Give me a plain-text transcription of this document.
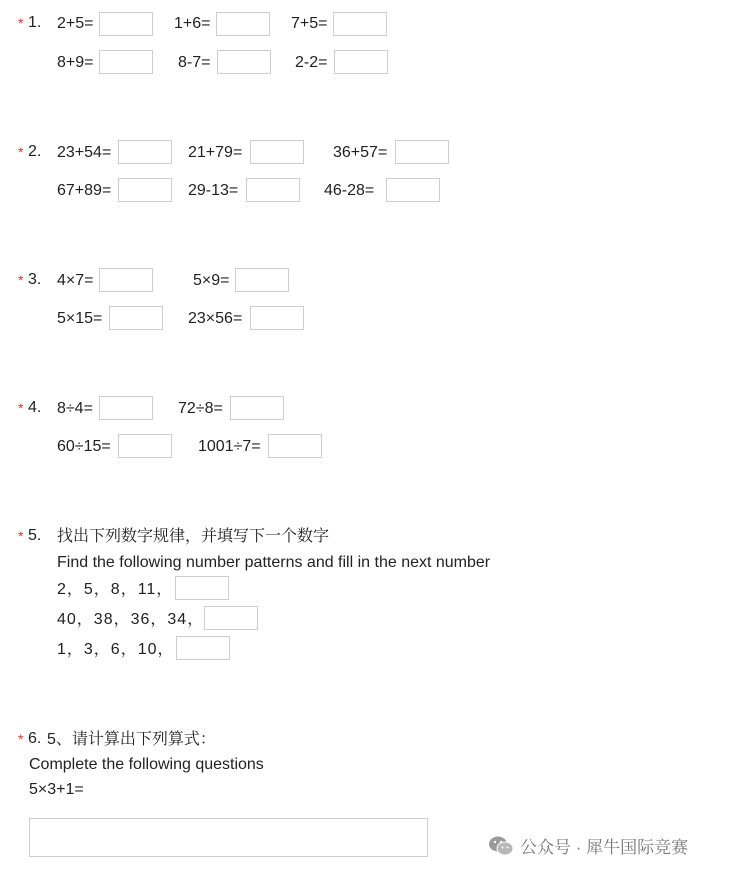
* 1. 2+5=	1+6=	7+5=
8+9=	8-7=	2-2=
* 2. 23+54=	21+79=	36+57=
67+89=	29-13=	46-28=
* 3. 4×7=	5×9=
5×15=	23×56=
* 4. 8÷4=	72÷8=
60÷15=	1001÷7=
* 5. 找出下列数字规律，并填写下一个数字
Find the following number patterns and fill in the next number
2，5，8，11，
40，38，36，34，
1，3，6，10，
* 6. 5、请计算出下列算式：
Complete the following questions
5×3+1=
公众号 · 犀牛国际竞赛
